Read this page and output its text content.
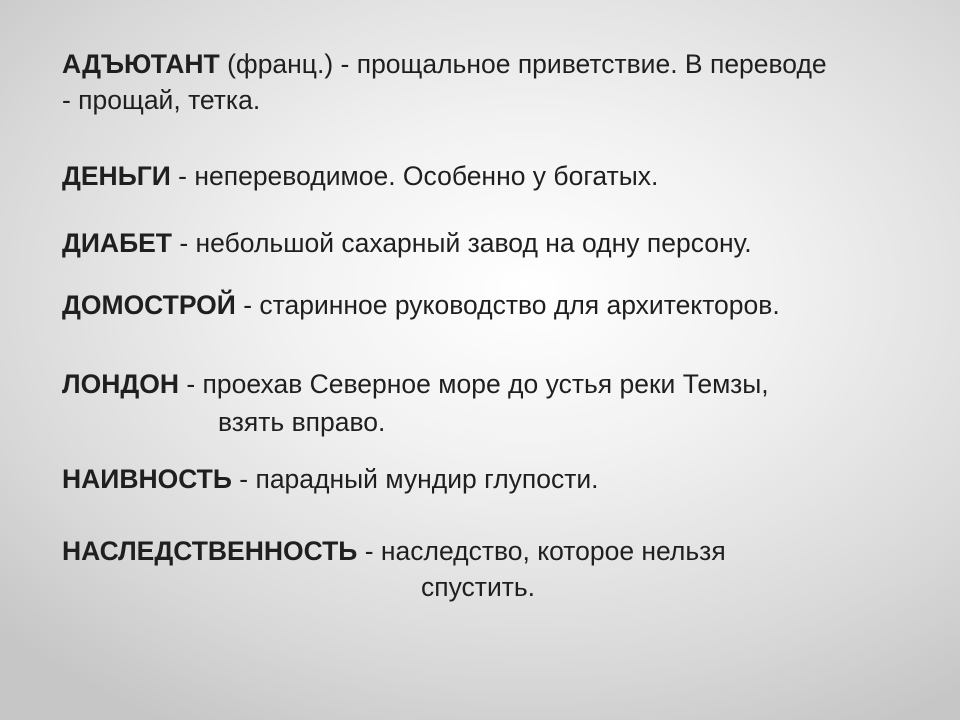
АДЪЮТАНТ (франц.) - прощальное приветствие. В переводе
- прощай, тетка.
ДЕНЬГИ - непереводимое. Особенно у богатых.
ДИАБЕТ - небольшой сахарный завод на одну персону.
ДОМОСТРОЙ - старинное руководство для архитекторов.
ЛОНДОН - проехав Северное море до устья реки Темзы,
взять вправо.
НАИВНОСТЬ - парадный мундир глупости.
НАСЛЕДСТВЕННОСТЬ - наследство, которое нельзя
спустить.
